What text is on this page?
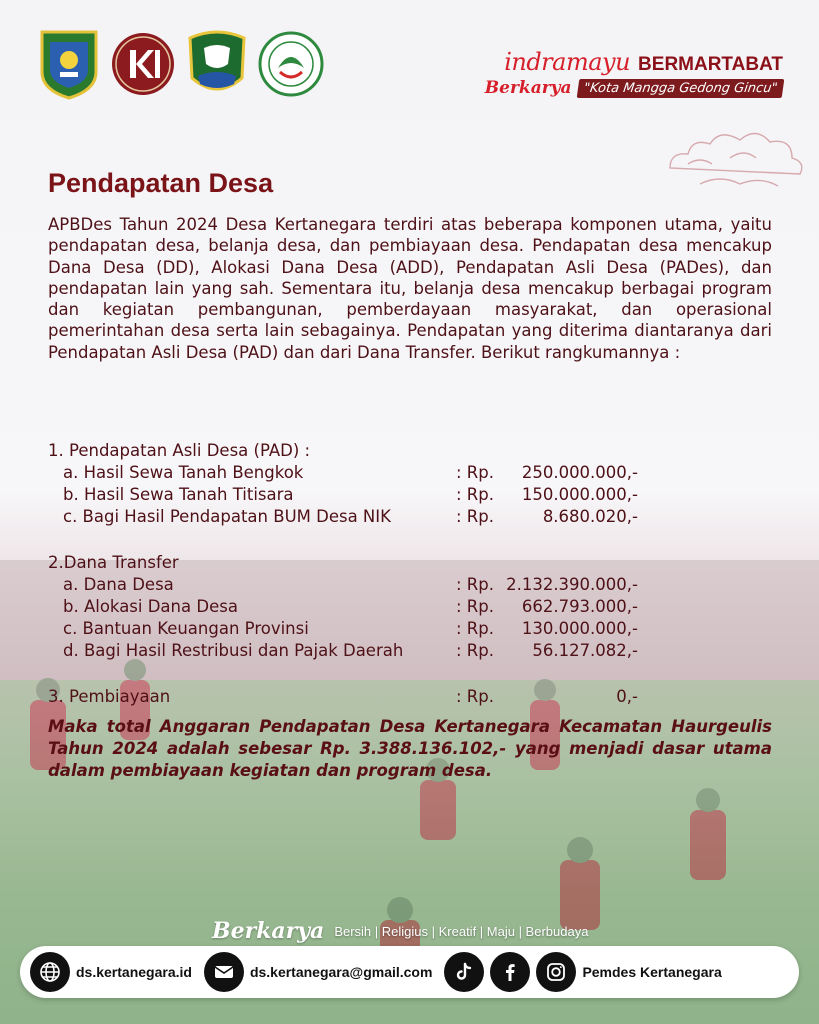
indramayu BERMARTABAT
Berkarya "Kota Mangga Gedong Gincu"
Pendapatan Desa

APBDes Tahun 2024 Desa Kertanegara terdiri atas beberapa komponen utama, yaitu pendapatan desa, belanja desa, dan pembiayaan desa. Pendapatan desa mencakup Dana Desa (DD), Alokasi Dana Desa (ADD), Pendapatan Asli Desa (PADes), dan pendapatan lain yang sah. Sementara itu, belanja desa mencakup berbagai program dan kegiatan pembangunan, pemberdayaan masyarakat, dan operasional pemerintahan desa serta lain sebagainya. Pendapatan yang diterima diantaranya dari Pendapatan Asli Desa (PAD) dan dari Dana Transfer. Berikut rangkumannya :

1. Pendapatan Asli Desa (PAD) :
a. Hasil Sewa Tanah Bengkok	: Rp.	250.000.000,-
b. Hasil Sewa Tanah Titisara	: Rp.	150.000.000,-
c. Bagi Hasil Pendapatan BUM Desa NIK	: Rp.	8.680.020,-
2.Dana Transfer
a. Dana Desa	: Rp. 2.132.390.000,-
b. Alokasi Dana Desa	: Rp.	662.793.000,-
c. Bantuan Keuangan Provinsi	: Rp.	130.000.000,-
d. Bagi Hasil Restribusi dan Pajak Daerah	: Rp.	56.127.082,-
3. Pembiayaan	: Rp.	0,-

Maka total Anggaran Pendapatan Desa Kertanegara Kecamatan Haurgeulis Tahun 2024 adalah sebesar Rp. 3.388.136.102,- yang menjadi dasar utama dalam pembiayaan kegiatan dan program desa.

Berkarya Bersih | Religius | Kreatif | Maju | Berbudaya
ds.kertanegara.id	ds.kertanegara@gmail.com	Pemdes Kertanegara
